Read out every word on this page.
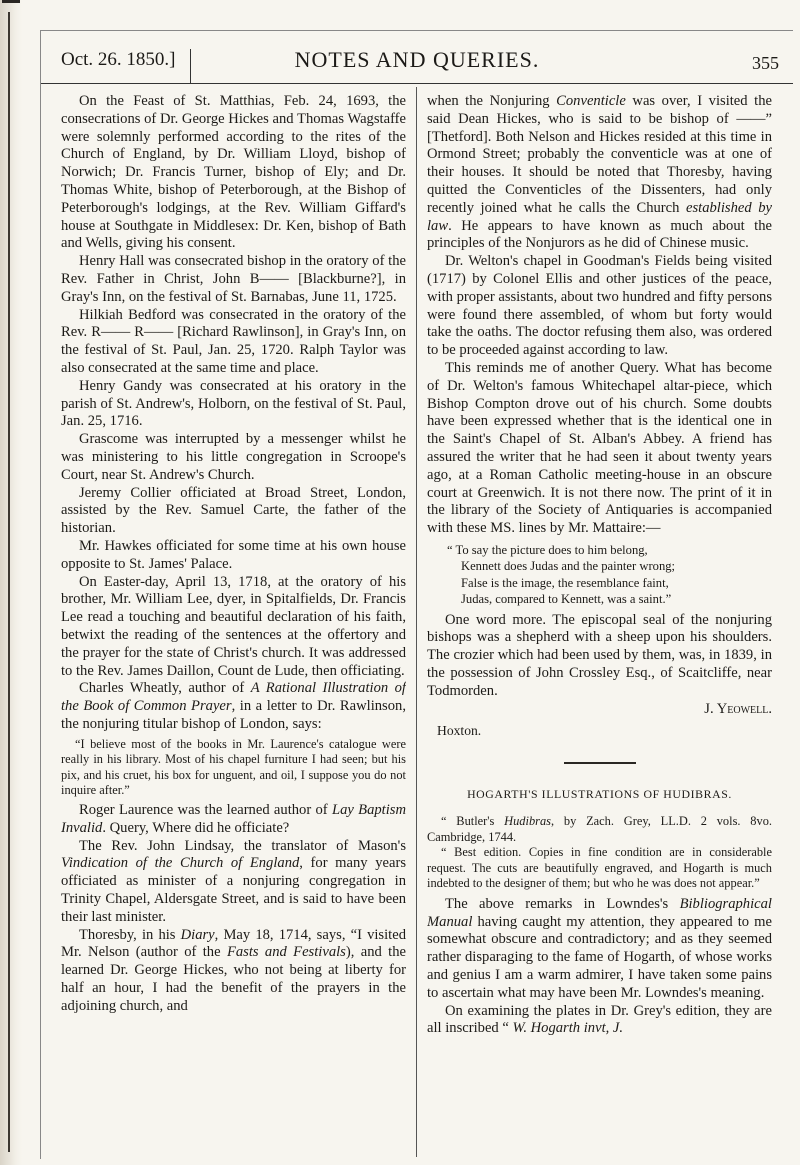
Oct. 26. 1850.]	NOTES AND QUERIES.	355

On the Feast of St. Matthias, Feb. 24, 1693, the consecrations of Dr. George Hickes and Thomas Wagstaffe were solemnly performed according to the rites of the Church of England, by Dr. William Lloyd, bishop of Norwich; Dr. Francis Turner, bishop of Ely; and Dr. Thomas White, bishop of Peterborough, at the Bishop of Peterborough's lodgings, at the Rev. William Giffard's house at Southgate in Middlesex: Dr. Ken, bishop of Bath and Wells, giving his consent.

Henry Hall was consecrated bishop in the oratory of the Rev. Father in Christ, John B—— [Blackburne?], in Gray's Inn, on the festival of St. Barnabas, June 11, 1725.

Hilkiah Bedford was consecrated in the oratory of the Rev. R—— R—— [Richard Rawlinson], in Gray's Inn, on the festival of St. Paul, Jan. 25, 1720. Ralph Taylor was also consecrated at the same time and place.

Henry Gandy was consecrated at his oratory in the parish of St. Andrew's, Holborn, on the festival of St. Paul, Jan. 25, 1716.

Grascome was interrupted by a messenger whilst he was ministering to his little congregation in Scroope's Court, near St. Andrew's Church.

Jeremy Collier officiated at Broad Street, London, assisted by the Rev. Samuel Carte, the father of the historian.

Mr. Hawkes officiated for some time at his own house opposite to St. James' Palace.

On Easter-day, April 13, 1718, at the oratory of his brother, Mr. William Lee, dyer, in Spitalfields, Dr. Francis Lee read a touching and beautiful declaration of his faith, betwixt the reading of the sentences at the offertory and the prayer for the state of Christ's church. It was addressed to the Rev. James Daillon, Count de Lude, then officiating.

Charles Wheatly, author of A Rational Illustration of the Book of Common Prayer, in a letter to Dr. Rawlinson, the nonjuring titular bishop of London, says:

“I believe most of the books in Mr. Laurence's catalogue were really in his library. Most of his chapel furniture I had seen; but his pix, and his cruet, his box for unguent, and oil, I suppose you do not inquire after.”

Roger Laurence was the learned author of Lay Baptism Invalid. Query, Where did he officiate?

The Rev. John Lindsay, the translator of Mason's Vindication of the Church of England, for many years officiated as minister of a nonjuring congregation in Trinity Chapel, Aldersgate Street, and is said to have been their last minister.

Thoresby, in his Diary, May 18, 1714, says, “I visited Mr. Nelson (author of the Fasts and Festivals), and the learned Dr. George Hickes, who not being at liberty for half an hour, I had the benefit of the prayers in the adjoining church, and

when the Nonjuring Conventicle was over, I visited the said Dean Hickes, who is said to be bishop of ——” [Thetford]. Both Nelson and Hickes resided at this time in Ormond Street; probably the conventicle was at one of their houses. It should be noted that Thoresby, having quitted the Conventicles of the Dissenters, had only recently joined what he calls the Church established by law. He appears to have known as much about the principles of the Nonjurors as he did of Chinese music.

Dr. Welton's chapel in Goodman's Fields being visited (1717) by Colonel Ellis and other justices of the peace, with proper assistants, about two hundred and fifty persons were found there assembled, of whom but forty would take the oaths. The doctor refusing them also, was ordered to be proceeded against according to law.

This reminds me of another Query. What has become of Dr. Welton's famous Whitechapel altar-piece, which Bishop Compton drove out of his church. Some doubts have been expressed whether that is the identical one in the Saint's Chapel of St. Alban's Abbey. A friend has assured the writer that he had seen it about twenty years ago, at a Roman Catholic meeting-house in an obscure court at Greenwich. It is not there now. The print of it in the library of the Society of Antiquaries is accompanied with these MS. lines by Mr. Mattaire:—

“ To say the picture does to him belong,
Kennett does Judas and the painter wrong;
False is the image, the resemblance faint,
Judas, compared to Kennett, was a saint.”

One word more. The episcopal seal of the nonjuring bishops was a shepherd with a sheep upon his shoulders. The crozier which had been used by them, was, in 1839, in the possession of John Crossley Esq., of Scaitcliffe, near Todmorden.

J. Yeowell.

Hoxton.

HOGARTH'S ILLUSTRATIONS OF HUDIBRAS.

“ Butler's Hudibras, by Zach. Grey, LL.D. 2 vols. 8vo. Cambridge, 1744.

“ Best edition. Copies in fine condition are in considerable request. The cuts are beautifully engraved, and Hogarth is much indebted to the designer of them; but who he was does not appear.”

The above remarks in Lowndes's Bibliographical Manual having caught my attention, they appeared to me somewhat obscure and contradictory; and as they seemed rather disparaging to the fame of Hogarth, of whose works and genius I am a warm admirer, I have taken some pains to ascertain what may have been Mr. Lowndes's meaning.

On examining the plates in Dr. Grey's edition, they are all inscribed “ W. Hogarth invt, J.
